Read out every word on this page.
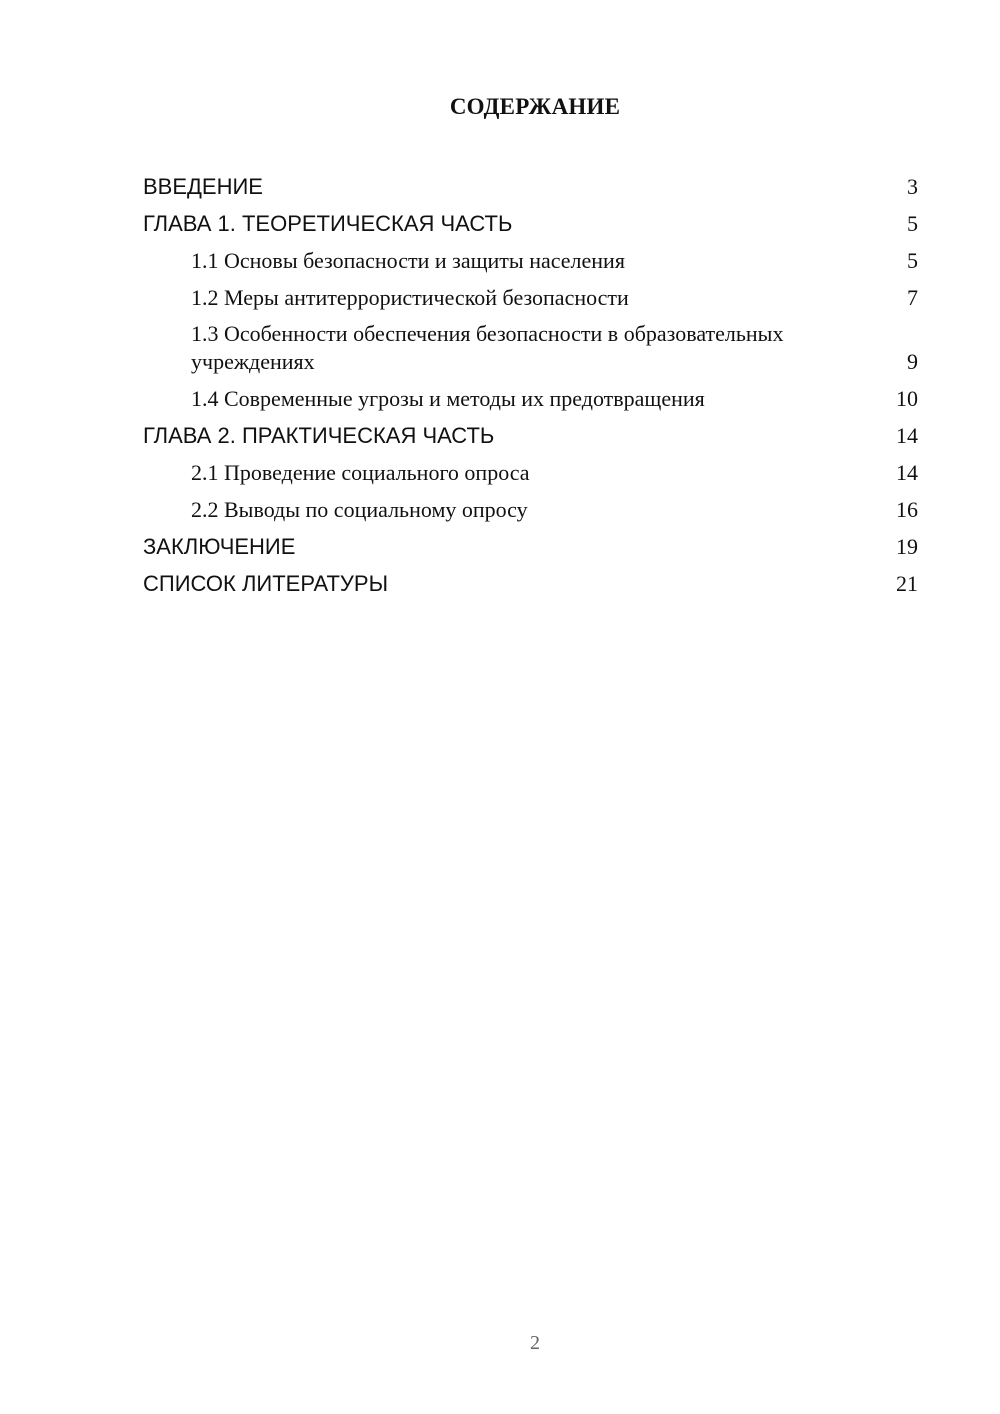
СОДЕРЖАНИЕ
ВВЕДЕНИЕ	3
ГЛАВА 1. ТЕОРЕТИЧЕСКАЯ ЧАСТЬ	5
1.1 Основы безопасности и защиты населения	5
1.2 Меры антитеррористической безопасности	7
1.3 Особенности обеспечения безопасности в образовательных учреждениях	9
1.4 Современные угрозы и методы их предотвращения	10
ГЛАВА 2. ПРАКТИЧЕСКАЯ ЧАСТЬ	14
2.1 Проведение социального опроса	14
2.2 Выводы по социальному опросу	16
ЗАКЛЮЧЕНИЕ	19
СПИСОК ЛИТЕРАТУРЫ	21
2
